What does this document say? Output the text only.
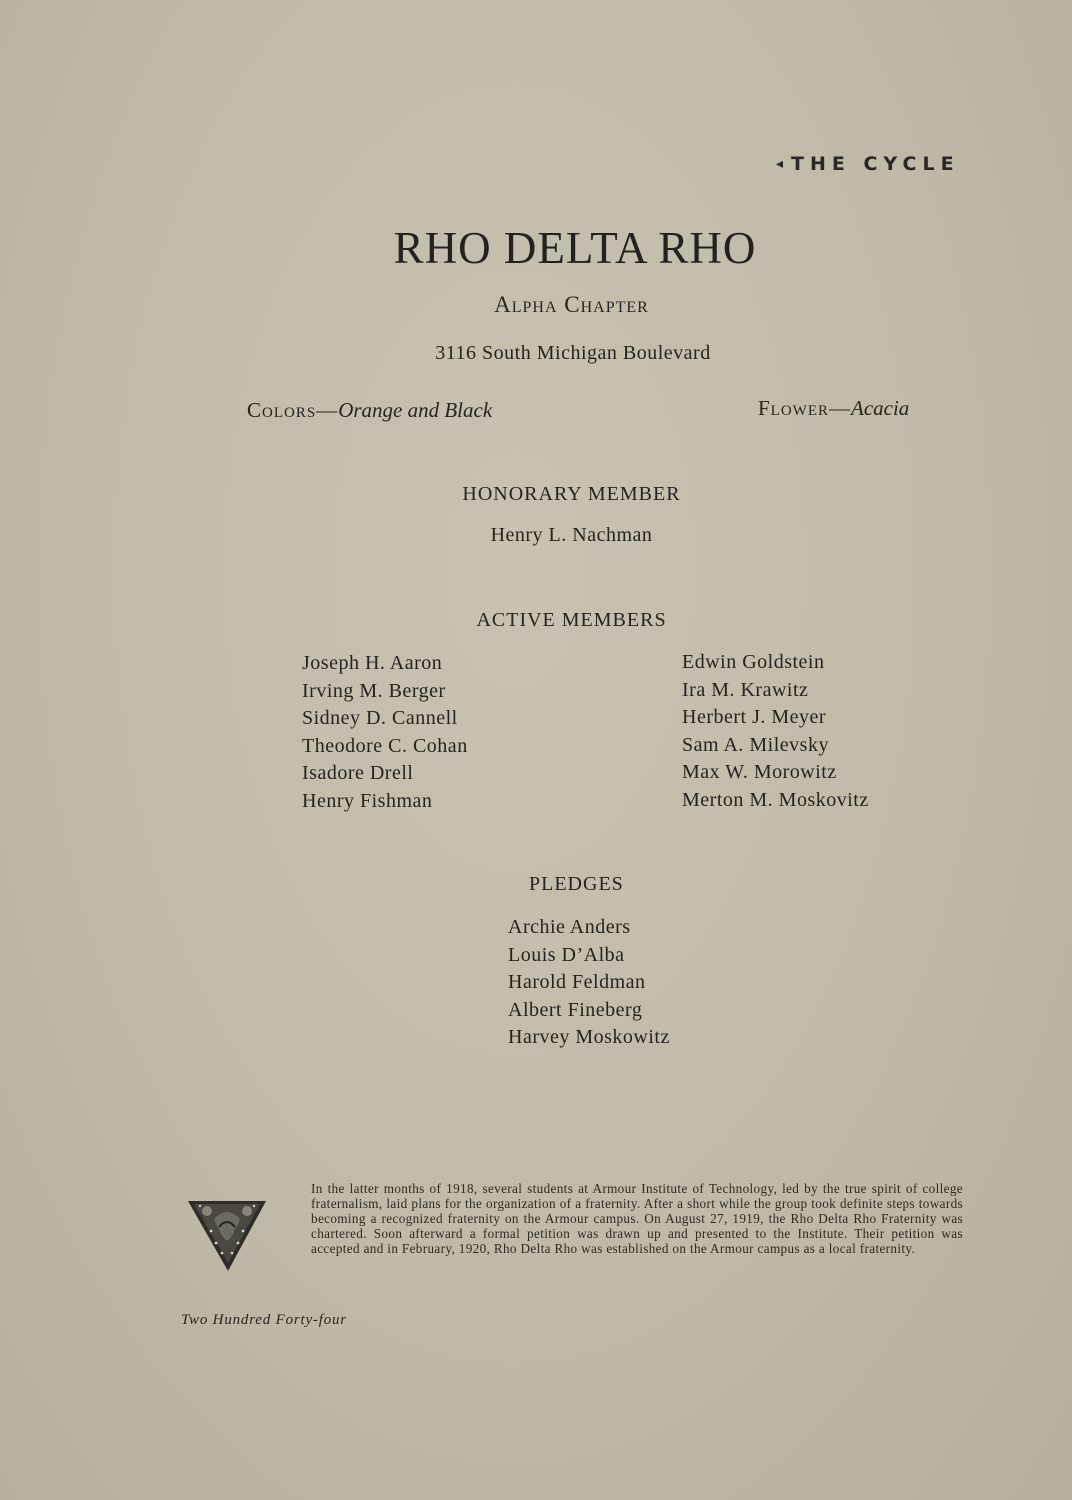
◂ THE CYCLE
RHO DELTA RHO
Alpha Chapter
3116 South Michigan Boulevard
Colors—Orange and Black	Flower—Acacia
HONORARY MEMBER
Henry L. Nachman
ACTIVE MEMBERS
Joseph H. Aaron
Irving M. Berger
Sidney D. Cannell
Theodore C. Cohan
Isadore Drell
Henry Fishman
Edwin Goldstein
Ira M. Krawitz
Herbert J. Meyer
Sam A. Milevsky
Max W. Morowitz
Merton M. Moskovitz
PLEDGES
Archie Anders
Louis D’Alba
Harold Feldman
Albert Fineberg
Harvey Moskowitz
In the latter months of 1918, several students at Armour Institute of Technology, led by the true spirit of college fraternalism, laid plans for the organization of a fraternity. After a short while the group took definite steps towards becoming a recognized fraternity on the Armour campus. On August 27, 1919, the Rho Delta Rho Fraternity was chartered. Soon afterward a formal petition was drawn up and presented to the Institute. Their petition was accepted and in February, 1920, Rho Delta Rho was established on the Armour campus as a local fraternity.
Two Hundred Forty-four
